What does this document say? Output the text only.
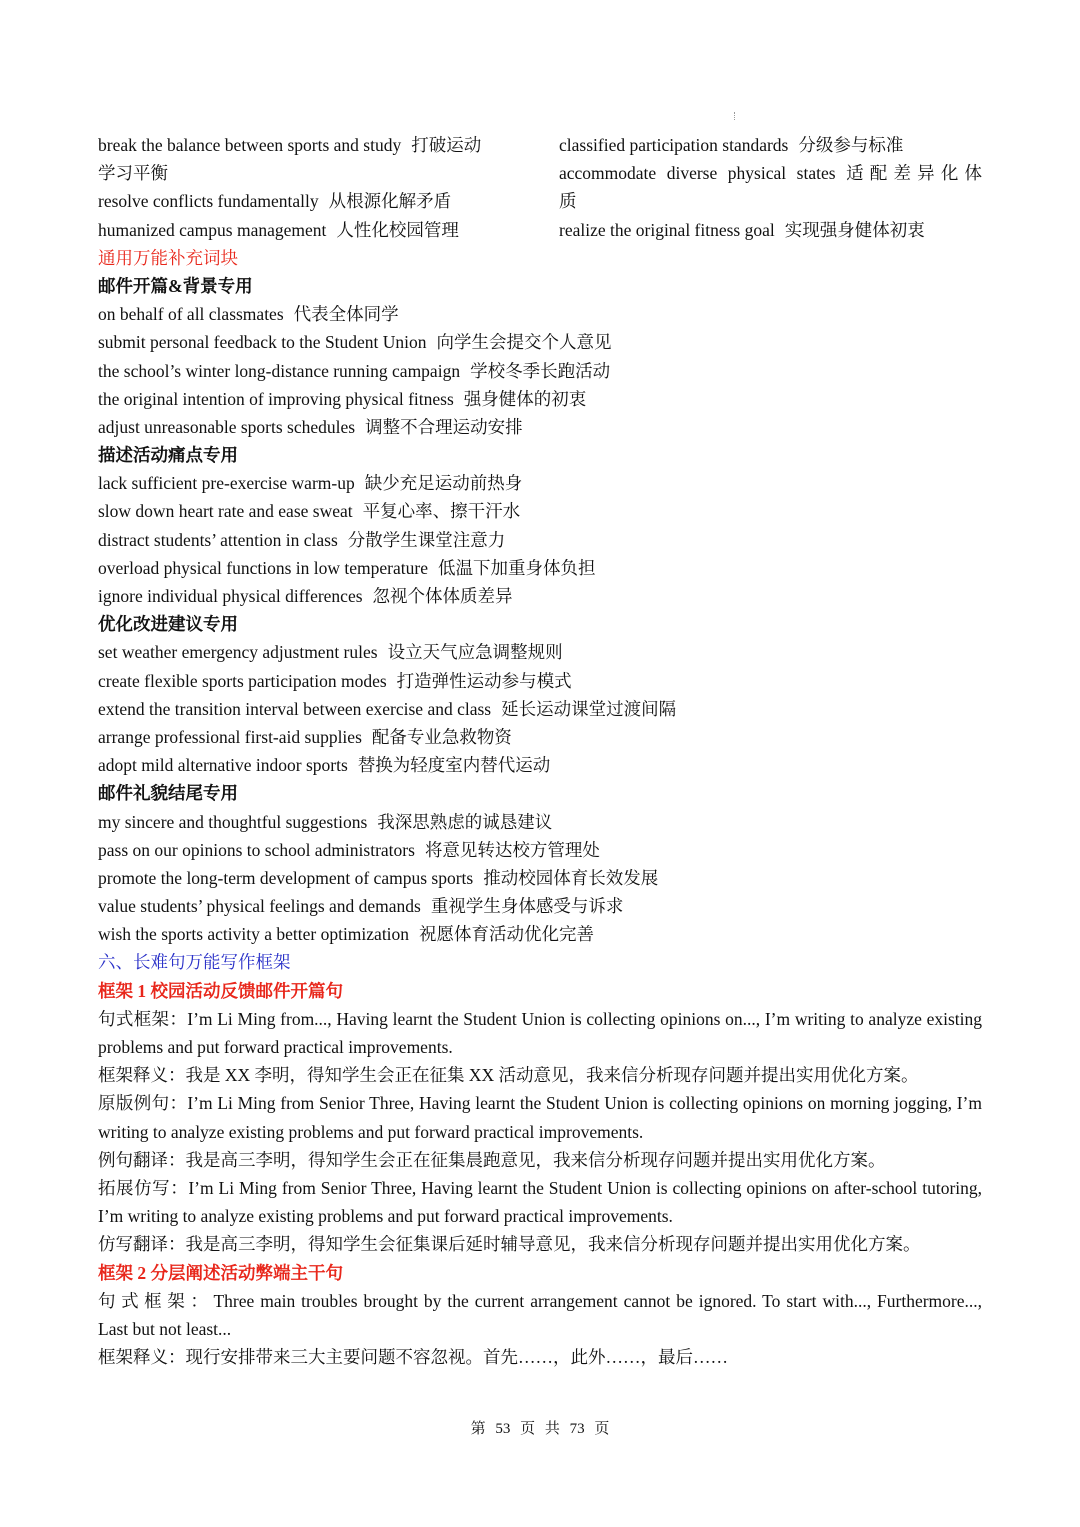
break the balance between sports and study 打破运动
学习平衡
resolve conflicts fundamentally 从根源化解矛盾
humanized campus management 人性化校园管理
classified participation standards 分级参与标准
accommodate diverse physical states 适配差异化体
质
realize the original fitness goal 实现强身健体初衷
通用万能补充词块
邮件开篇&背景专用
on behalf of all classmates 代表全体同学
submit personal feedback to the Student Union 向学生会提交个人意见
the school’s winter long-distance running campaign 学校冬季长跑活动
the original intention of improving physical fitness 强身健体的初衷
adjust unreasonable sports schedules 调整不合理运动安排
描述活动痛点专用
lack sufficient pre-exercise warm-up 缺少充足运动前热身
slow down heart rate and ease sweat 平复心率、擦干汗水
distract students’ attention in class 分散学生课堂注意力
overload physical functions in low temperature 低温下加重身体负担
ignore individual physical differences 忽视个体体质差异
优化改进建议专用
set weather emergency adjustment rules 设立天气应急调整规则
create flexible sports participation modes 打造弹性运动参与模式
extend the transition interval between exercise and class 延长运动课堂过渡间隔
arrange professional first-aid supplies 配备专业急救物资
adopt mild alternative indoor sports 替换为轻度室内替代运动
邮件礼貌结尾专用
my sincere and thoughtful suggestions 我深思熟虑的诚恳建议
pass on our opinions to school administrators 将意见转达校方管理处
promote the long-term development of campus sports 推动校园体育长效发展
value students’ physical feelings and demands 重视学生身体感受与诉求
wish the sports activity a better optimization 祝愿体育活动优化完善
六、长难句万能写作框架
框架 1 校园活动反馈邮件开篇句
句式框架：I’m Li Ming from..., Having learnt the Student Union is collecting opinions on..., I’m writing to analyze existing problems and put forward practical improvements.
框架释义：我是 XX 李明，得知学生会正在征集 XX 活动意见，我来信分析现存问题并提出实用优化方案。
原版例句：I’m Li Ming from Senior Three, Having learnt the Student Union is collecting opinions on morning jogging, I’m writing to analyze existing problems and put forward practical improvements.
例句翻译：我是高三李明，得知学生会正在征集晨跑意见，我来信分析现存问题并提出实用优化方案。
拓展仿写：I’m Li Ming from Senior Three, Having learnt the Student Union is collecting opinions on after-school tutoring, I’m writing to analyze existing problems and put forward practical improvements.
仿写翻译：我是高三李明，得知学生会征集课后延时辅导意见，我来信分析现存问题并提出实用优化方案。
框架 2 分层阐述活动弊端主干句
句式框架：Three main troubles brought by the current arrangement cannot be ignored. To start with..., Furthermore..., Last but not least...
框架释义：现行安排带来三大主要问题不容忽视。首先……，此外……，最后……
第 53 页 共 73 页
